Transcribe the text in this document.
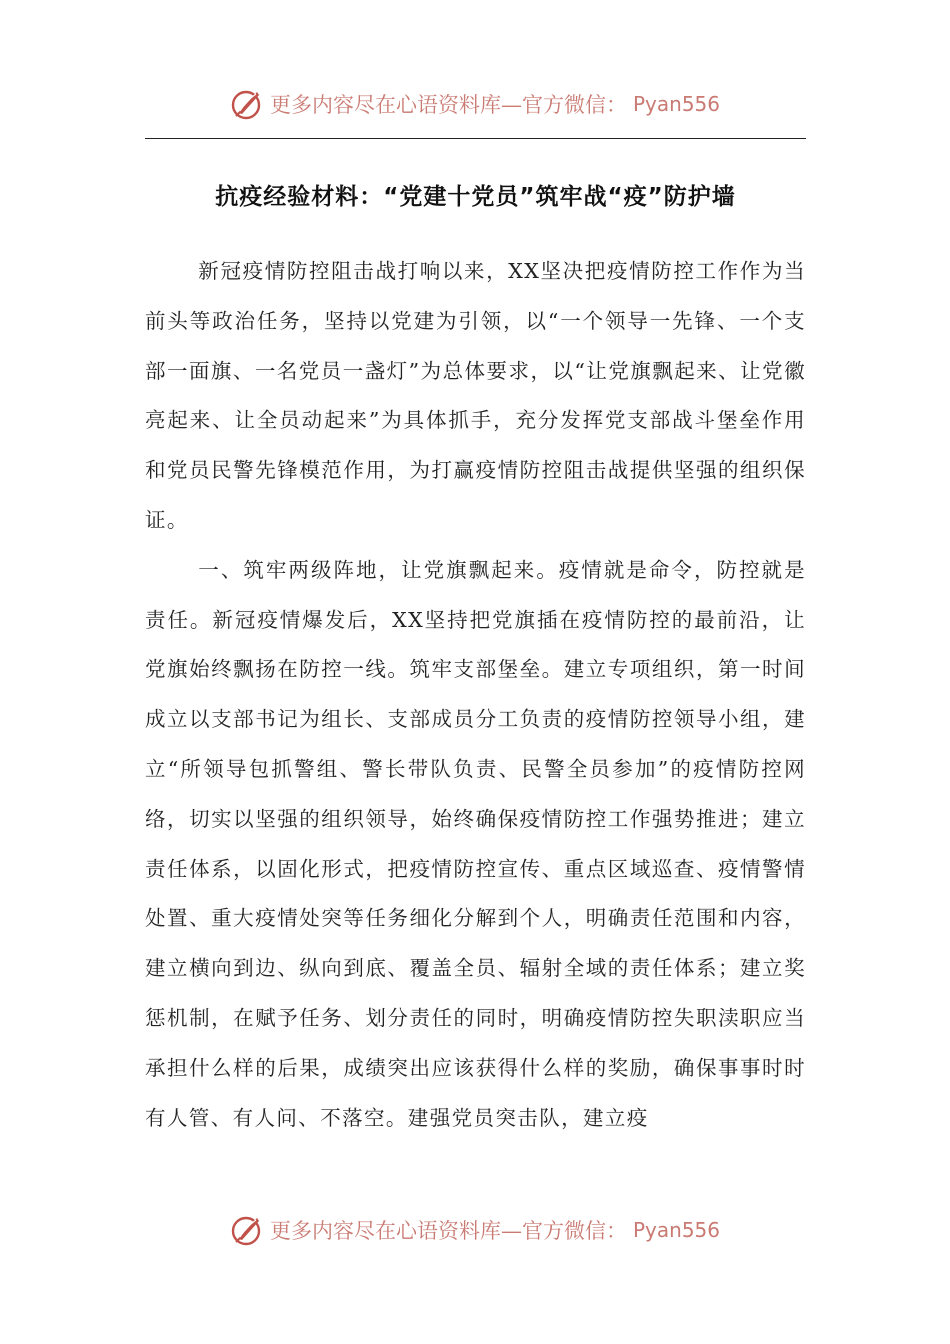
更多内容尽在心语资料库—官方微信： Pyan556
抗疫经验材料：“党建十党员”筑牢战“疫”防护墙

新冠疫情防控阻击战打响以来，XX坚决把疫情防控工作作为当前头等政治任务，坚持以党建为引领，以“一个领导一先锋、一个支部一面旗、一名党员一盏灯”为总体要求，以“让党旗飘起来、让党徽亮起来、让全员动起来”为具体抓手，充分发挥党支部战斗堡垒作用和党员民警先锋模范作用，为打赢疫情防控阻击战提供坚强的组织保证。

一、筑牢两级阵地，让党旗飘起来。疫情就是命令，防控就是责任。新冠疫情爆发后，XX坚持把党旗插在疫情防控的最前沿，让党旗始终飘扬在防控一线。筑牢支部堡垒。建立专项组织，第一时间成立以支部书记为组长、支部成员分工负责的疫情防控领导小组，建立“所领导包抓警组、警长带队负责、民警全员参加”的疫情防控网络，切实以坚强的组织领导，始终确保疫情防控工作强势推进；建立责任体系，以固化形式，把疫情防控宣传、重点区域巡查、疫情警情处置、重大疫情处突等任务细化分解到个人，明确责任范围和内容，建立横向到边、纵向到底、覆盖全员、辐射全域的责任体系；建立奖惩机制，在赋予任务、划分责任的同时，明确疫情防控失职渎职应当承担什么样的后果，成绩突出应该获得什么样的奖励，确保事事时时有人管、有人问、不落空。建强党员突击队，建立疫

更多内容尽在心语资料库—官方微信： Pyan556
